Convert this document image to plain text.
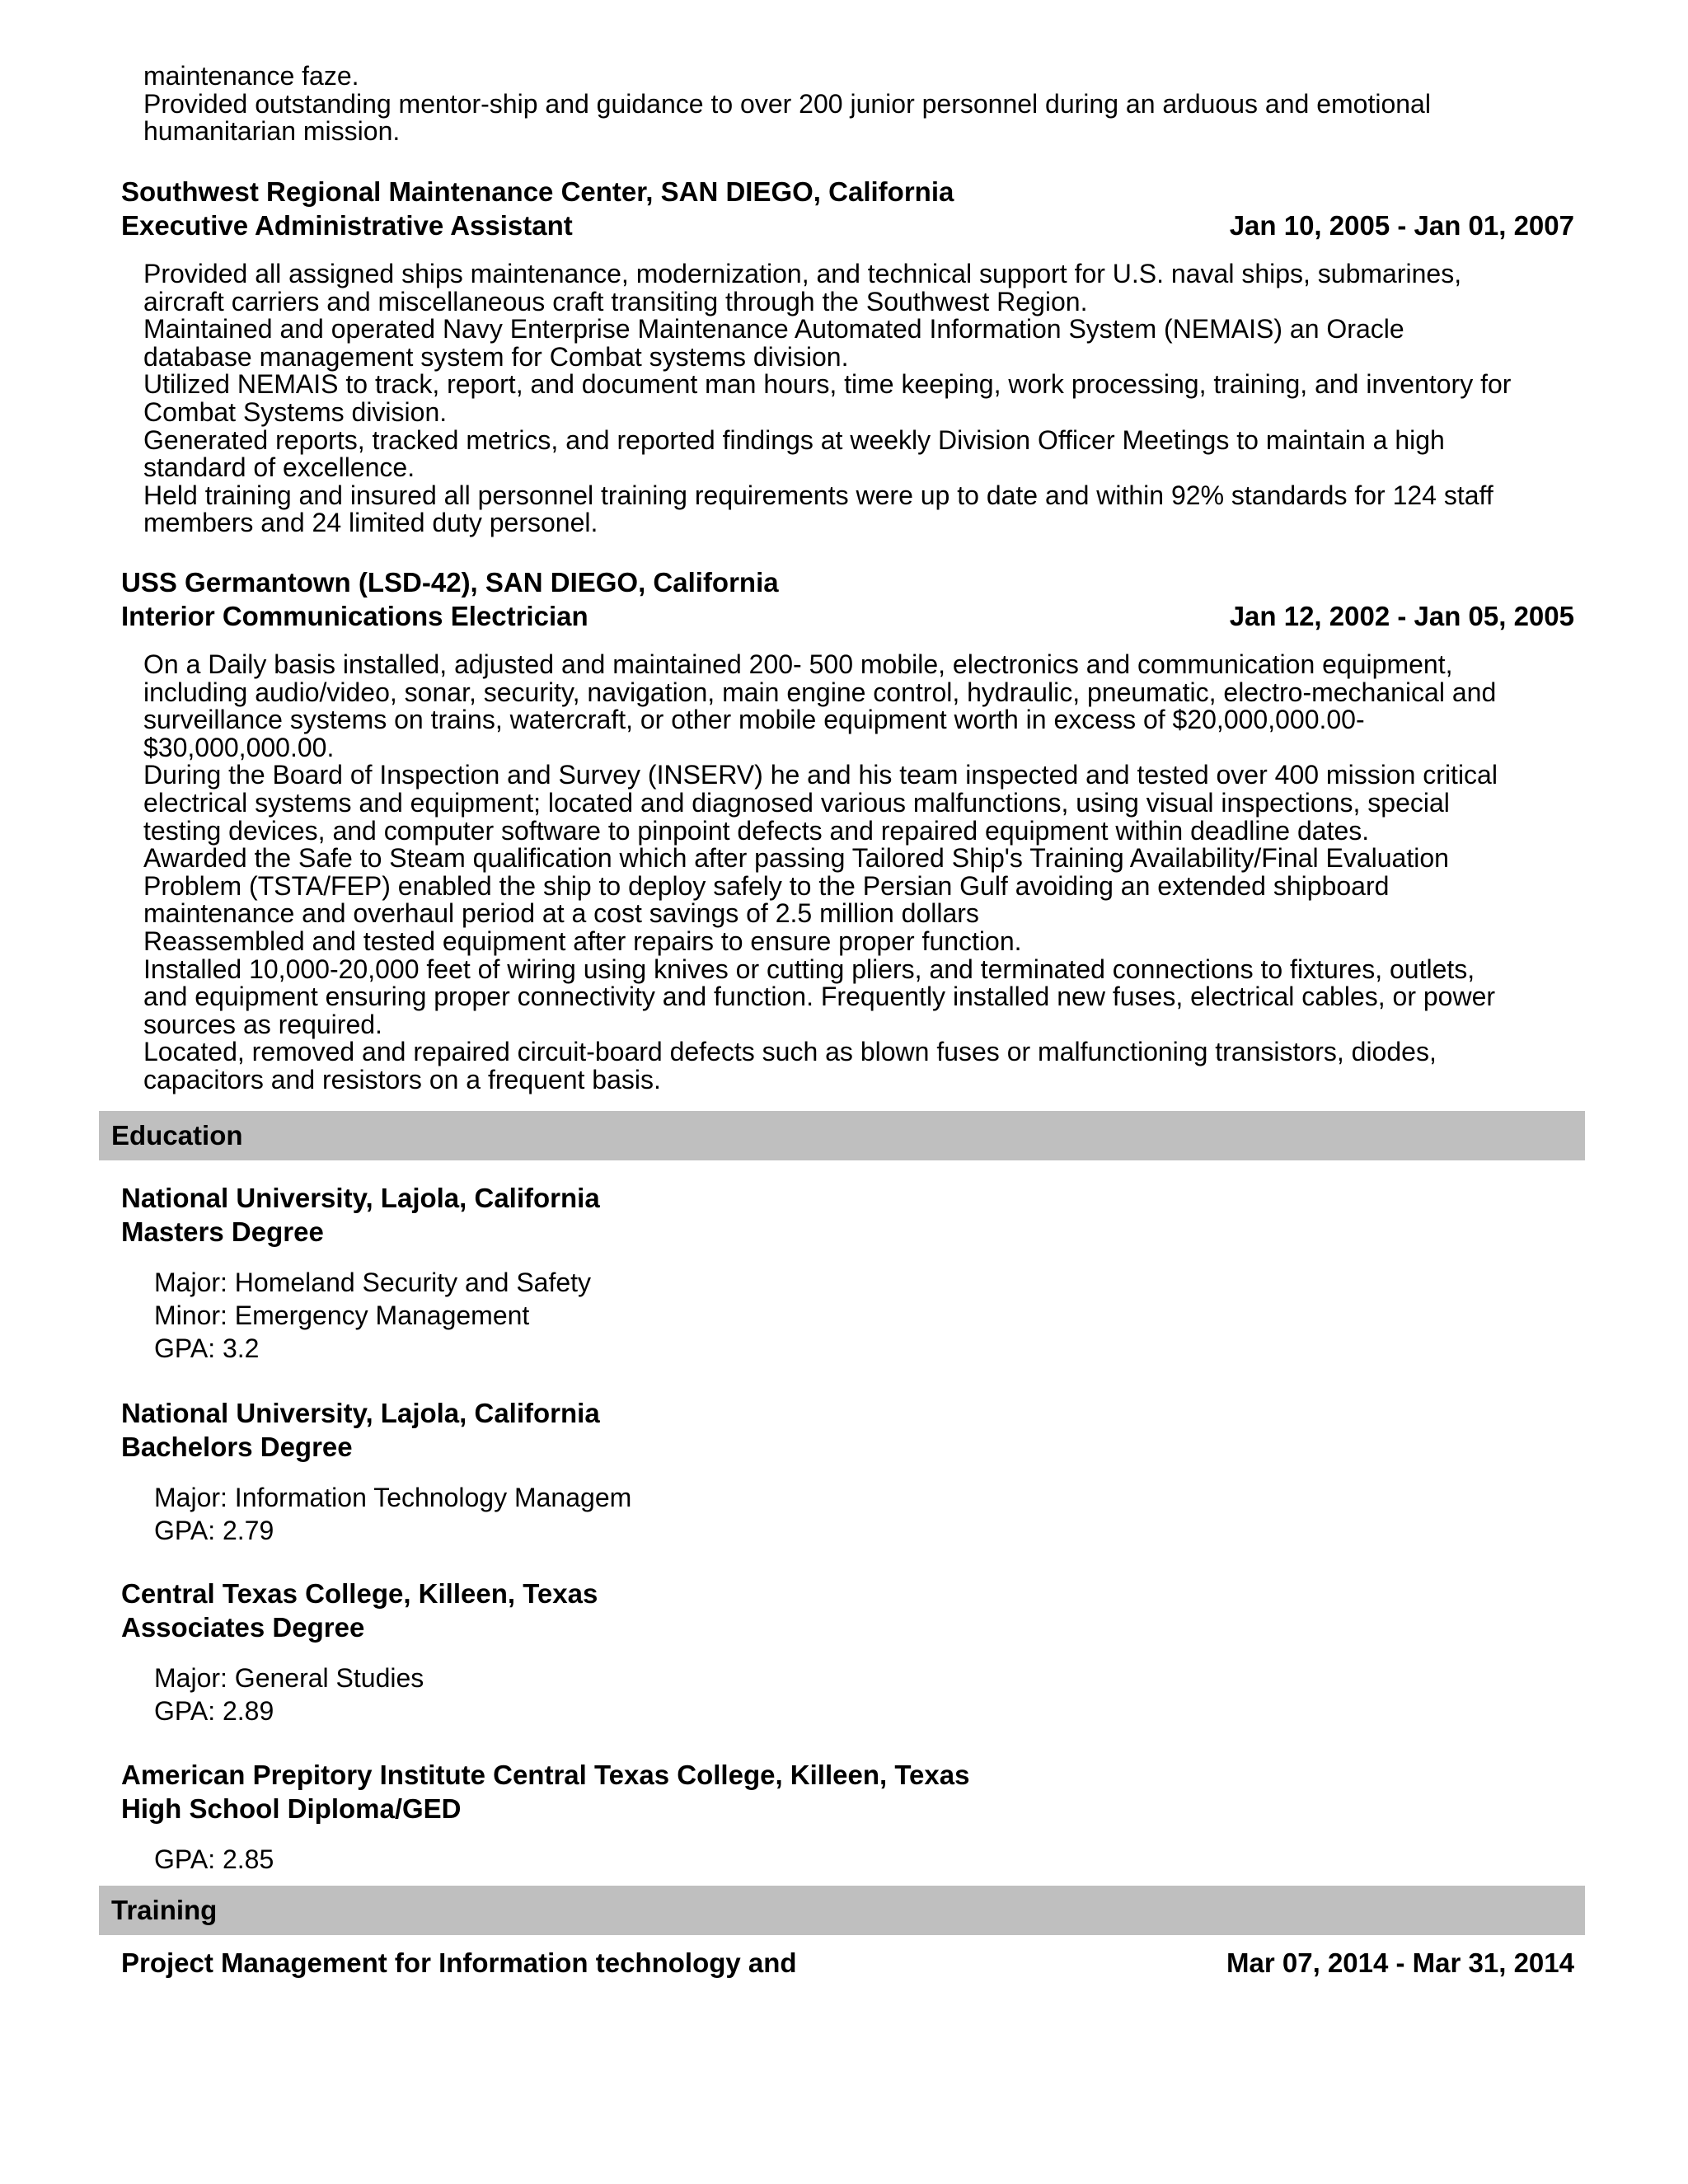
maintenance faze.
Provided outstanding mentor-ship and guidance to over 200 junior personnel during an arduous and emotional
humanitarian mission.
Southwest Regional Maintenance Center, SAN DIEGO, California
Executive Administrative Assistant	Jan 10, 2005 - Jan 01, 2007
Provided all assigned ships maintenance, modernization, and technical support for U.S. naval ships, submarines,
aircraft carriers and miscellaneous craft transiting through the Southwest Region.
Maintained and operated Navy Enterprise Maintenance Automated Information System (NEMAIS) an Oracle
database management system for Combat systems division.
Utilized NEMAIS to track, report, and document man hours, time keeping, work processing, training, and inventory for
Combat Systems division.
Generated reports, tracked metrics, and reported findings at weekly Division Officer Meetings to maintain a high
standard of excellence.
Held training and insured all personnel training requirements were up to date and within 92% standards for 124 staff
members and 24 limited duty personel.
USS Germantown (LSD-42), SAN DIEGO, California
Interior Communications Electrician	Jan 12, 2002 - Jan 05, 2005
On a Daily basis installed, adjusted and maintained 200- 500 mobile, electronics and communication equipment,
including audio/video, sonar, security, navigation, main engine control, hydraulic, pneumatic, electro-mechanical and
surveillance systems on trains, watercraft, or other mobile equipment worth in excess of $20,000,000.00-
$30,000,000.00.
During the Board of Inspection and Survey (INSERV) he and his team inspected and tested over 400 mission critical
electrical systems and equipment; located and diagnosed various malfunctions, using visual inspections, special
testing devices, and computer software to pinpoint defects and repaired equipment within deadline dates.
Awarded the Safe to Steam qualification which after passing Tailored Ship's Training Availability/Final Evaluation
Problem (TSTA/FEP) enabled the ship to deploy safely to the Persian Gulf avoiding an extended shipboard
maintenance and overhaul period at a cost savings of 2.5 million dollars
Reassembled and tested equipment after repairs to ensure proper function.
Installed 10,000-20,000 feet of wiring using knives or cutting pliers, and terminated connections to fixtures, outlets,
and equipment ensuring proper connectivity and function. Frequently installed new fuses, electrical cables, or power
sources as required.
Located, removed and repaired circuit-board defects such as blown fuses or malfunctioning transistors, diodes,
capacitors and resistors on a frequent basis.
Education
National University, Lajola, California
Masters Degree
Major: Homeland Security and Safety
Minor: Emergency Management
GPA: 3.2
National University, Lajola, California
Bachelors Degree
Major: Information Technology Managem
GPA: 2.79
Central Texas College, Killeen, Texas
Associates Degree
Major: General Studies
GPA: 2.89
American Prepitory Institute Central Texas College, Killeen, Texas
High School Diploma/GED
GPA: 2.85
Training
Project Management for Information technology and	Mar 07, 2014 - Mar 31, 2014
